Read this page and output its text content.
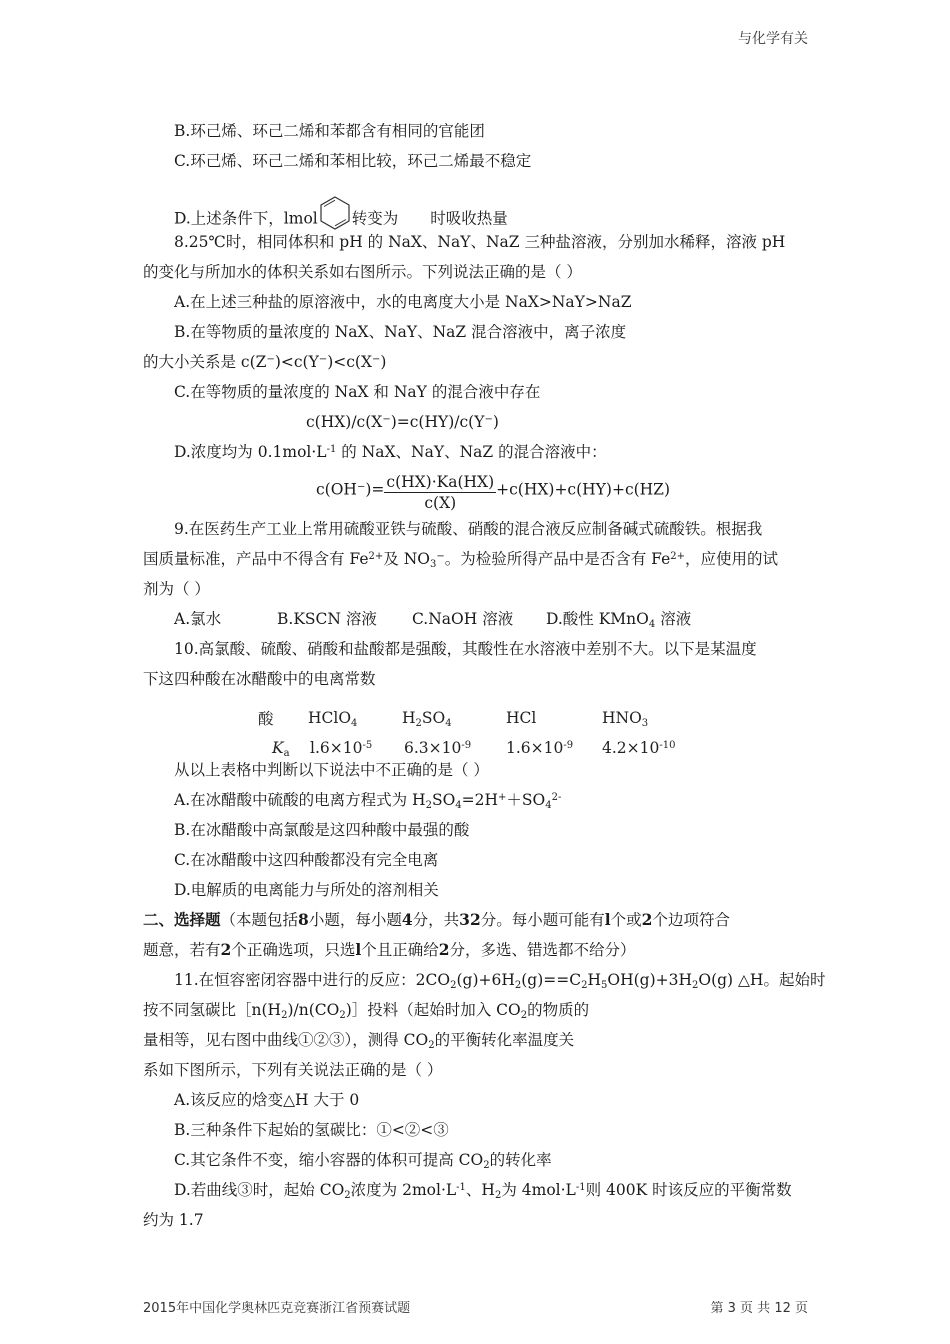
与化学有关
B.环己烯、环己二烯和苯都含有相同的官能团
C.环己烯、环己二烯和苯相比较，环己二烯最不稳定
D.上述条件下，lmol 转变为 时吸收热量
8.25℃时，相同体积和 pH 的 NaX、NaY、NaZ 三种盐溶液，分别加水稀释，溶液 pH
的变化与所加水的体积关系如右图所示。下列说法正确的是（ ）
A.在上述三种盐的原溶液中，水的电离度大小是 NaX>NaY>NaZ
B.在等物质的量浓度的 NaX、NaY、NaZ 混合溶液中，离子浓度
的大小关系是 c(Z−)<c(Y−)<c(X−)
C.在等物质的量浓度的 NaX 和 NaY 的混合液中存在
c(HX)/c(X−)=c(HY)/c(Y−)
D.浓度均为 $0.1mol\cdot L^{-1}$ 的 NaX、NaY、NaZ 的混合溶液中：
$c(OH^-)= \frac{c(HX)\cdot Ka(HX)}{c(X)} +c(HX)+c(HY)+c(HZ)$
9.在医药生产工业上常用硫酸亚铁与硫酸、硝酸的混合液反应制备碱式硫酸铁。根据我
国质量标准，产品中不得含有 $Fe^{2+}$及 $NO_3^-$。为检验所得产品中是否含有 $Fe^{2+}$，应使用的试
剂为（ ）
A.氯水	B.KSCN 溶液 C.NaOH 溶液 D.酸性 KMnO$_4$ 溶液
10.高氯酸、硫酸、硝酸和盐酸都是强酸，其酸性在水溶液中差别不大。以下是某温度
下这四种酸在冰醋酸中的电离常数
酸	HClO$_4$	$H_2SO_4$	HCl	$HNO_3$
$K_a$	$l.6\times 10^{-5}$	$6.3\times 10^{-9}$	$1.6\times 10^{-9}$	$4.2\times 10^{-10}$
从以上表格中判断以下说法中不正确的是（ ）
A.在冰醋酸中硫酸的电离方程式为 $H_2SO_4=2H^++SO_4^{2-}$
B.在冰醋酸中高氯酸是这四种酸中最强的酸
C.在冰醋酸中这四种酸都没有完全电离
D.电解质的电离能力与所处的溶剂相关
二、选择题（本题包括8小题，每小题4分，共32分。每小题可能有l个或2个边项符合
题意，若有2个正确选项，只选l个且正确给2分，多选、错选都不给分）
11.在恒容密闭容器中进行的反应：$2CO_2(g)+6H_2(g)==C_2H_5OH(g)+3H_2O(g)$ △H。起始时
按不同氢碳比$[n(H_2)/n(CO_2)]$投料（起始时加入 $CO_2$的物质的
量相等，见右图中曲线①②③），测得 $CO_2$的平衡转化率温度关
系如下图所示，下列有关说法正确的是（ ）
A.该反应的焓变△H 大于 0
B.三种条件下起始的氢碳比：①<②<③
C.其它条件不变，缩小容器的体积可提高 $CO_2$的转化率
D.若曲线③时，起始 $CO_2$浓度为 $2mol\cdot L^{-1}$、$H_2$为 $4mol\cdot L^{-1}$则 400K 时该反应的平衡常数
约为 1.7
2015年中国化学奥林匹克竞赛浙江省预赛试题	第 3 页 共 12 页
